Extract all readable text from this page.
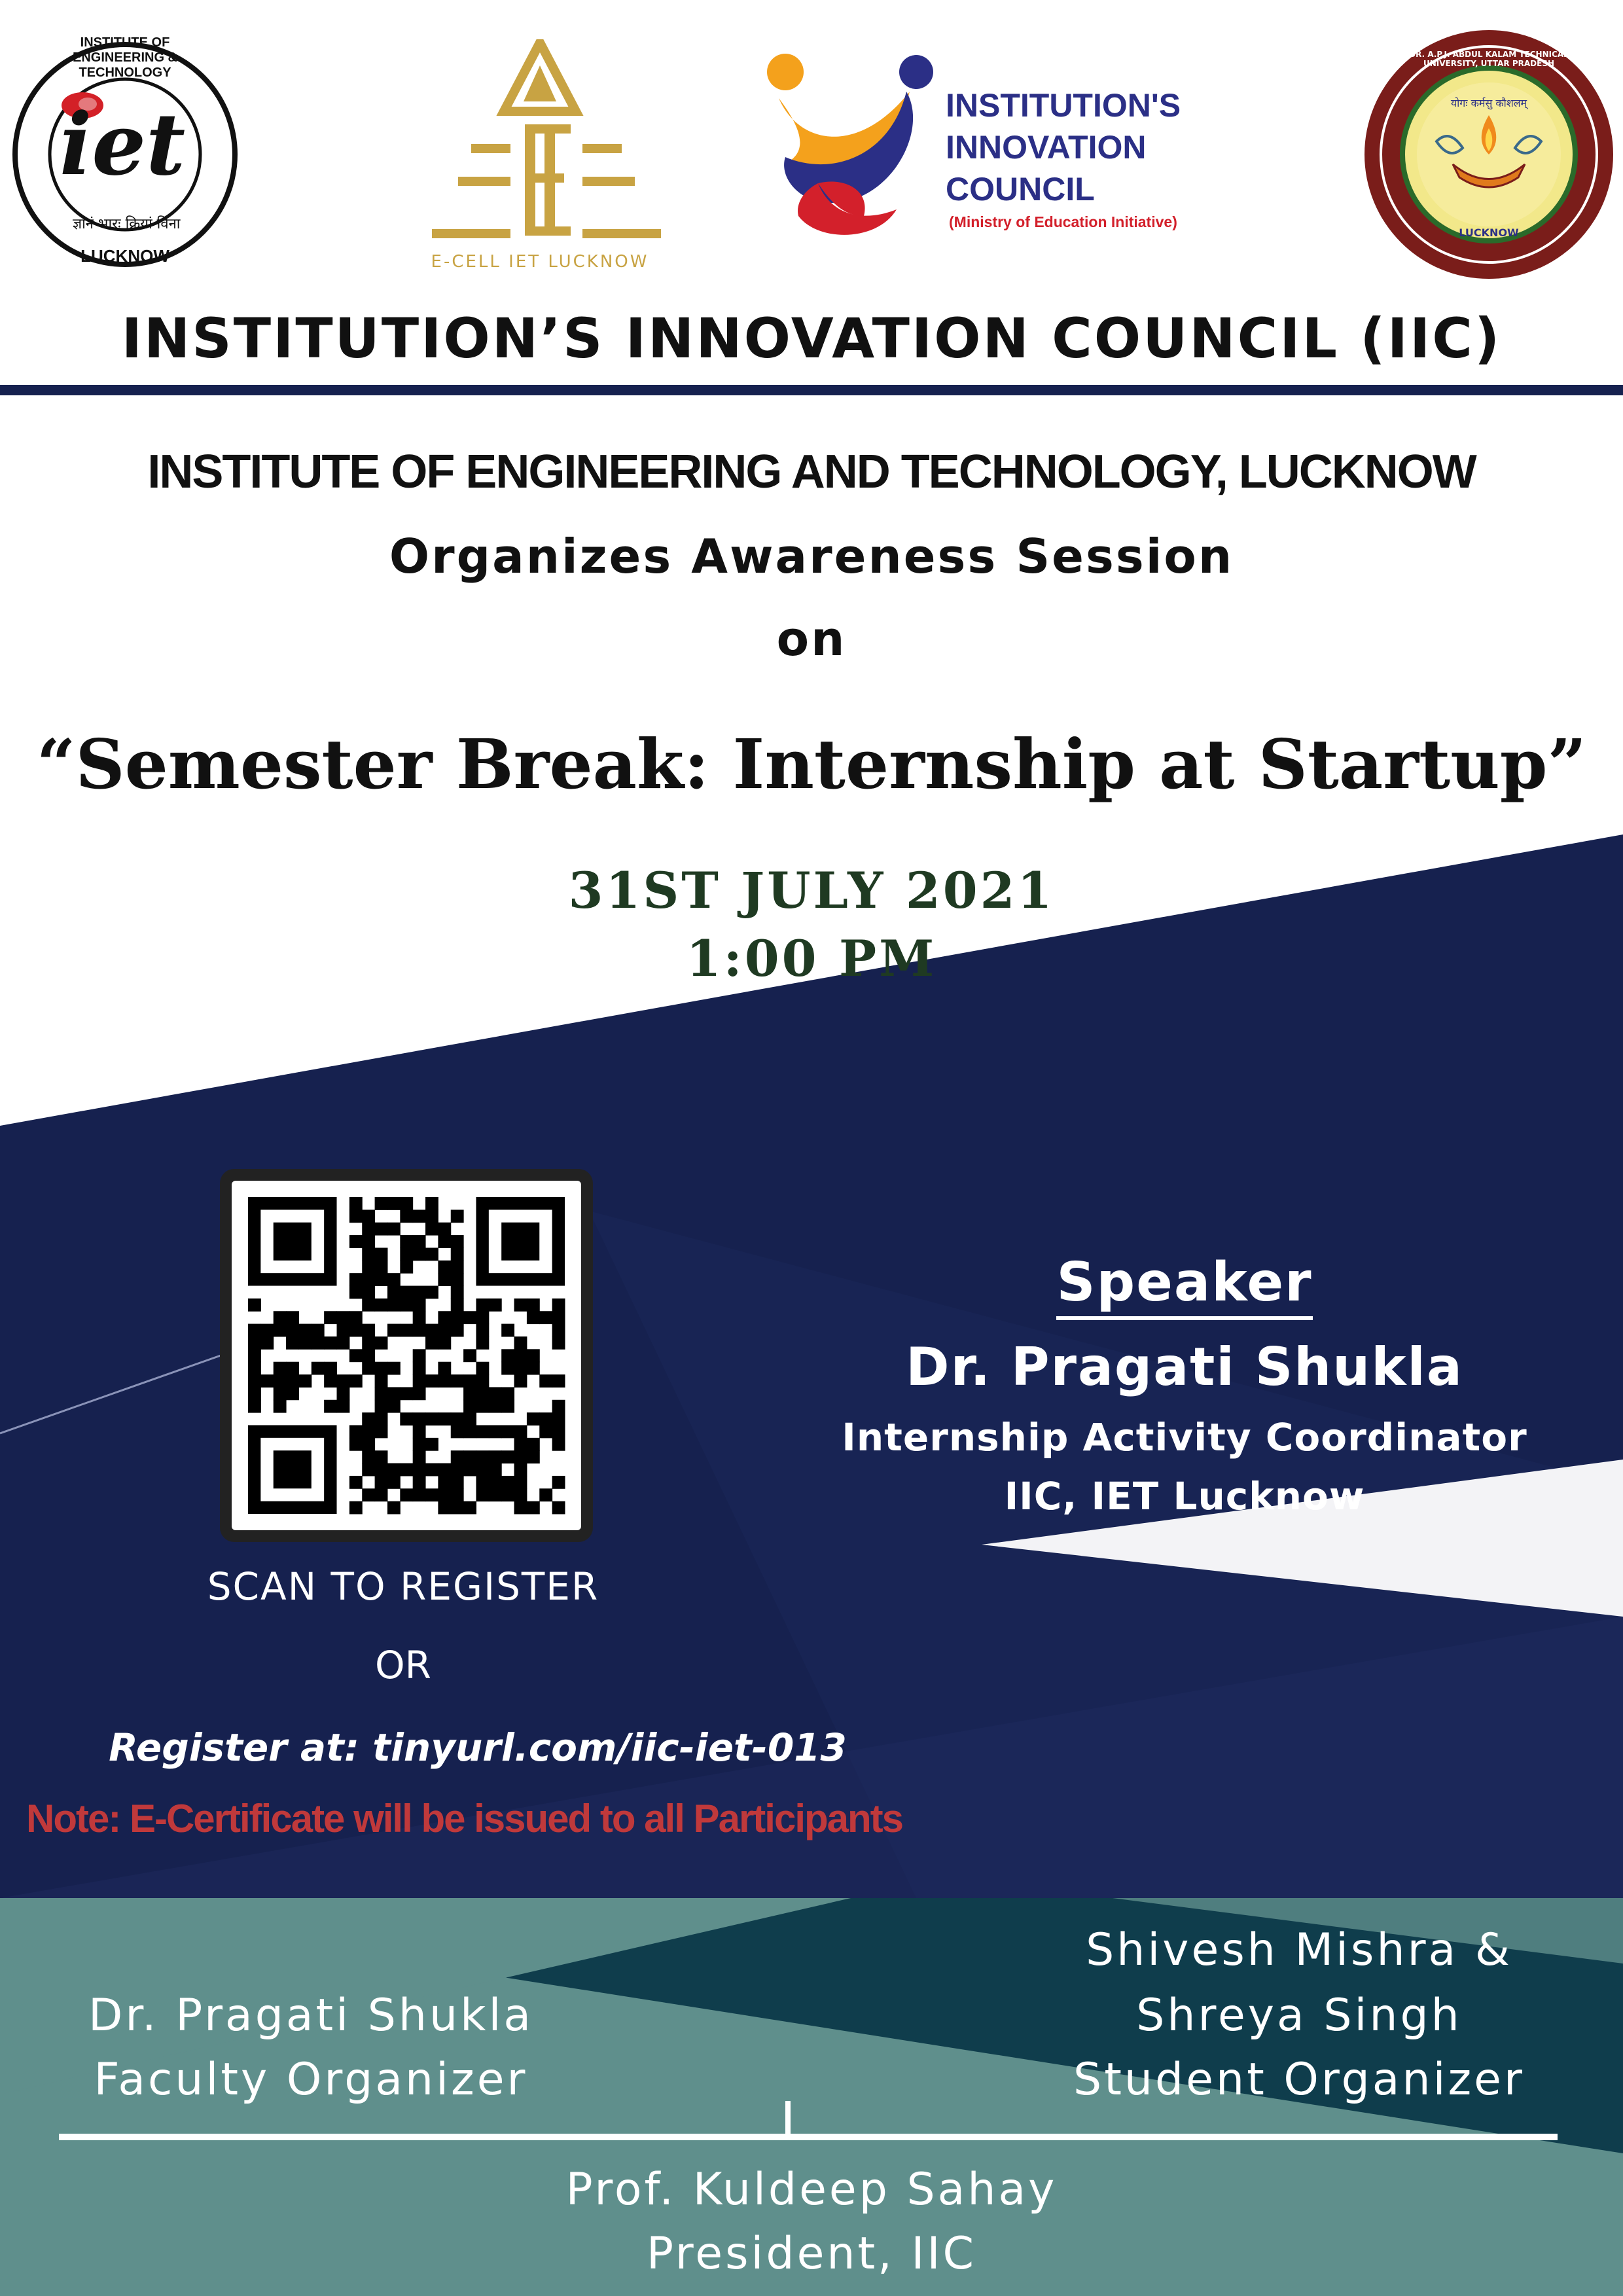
INSTITUTE OF ENGINEERING & TECHNOLOGY
iet
ज्ञानं भारः क्रियां विना
LUCKNOW	E-CELL IET LUCKNOW
INSTITUTION'S
INNOVATION
COUNCIL
(Ministry of Education Initiative)
DR. A.P.J. ABDUL KALAM TECHNICAL UNIVERSITY, UTTAR PRADESH
योगः कर्मसु कौशलम्
LUCKNOW
INSTITUTION’S INNOVATION COUNCIL (IIC)
INSTITUTE OF ENGINEERING AND TECHNOLOGY, LUCKNOW
Organizes Awareness Session
on
“Semester Break: Internship at Startup”
31ST JULY 2021
1:00 PM
SCAN TO REGISTER
OR
Register at: tinyurl.com/iic-iet-013
Note: E-Certificate will be issued to all Participants
Speaker
Dr. Pragati Shukla
Internship Activity Coordinator
IIC, IET Lucknow
Dr. Pragati Shukla
Faculty Organizer
Shivesh Mishra &
Shreya Singh
Student Organizer
Prof. Kuldeep Sahay
President, IIC
